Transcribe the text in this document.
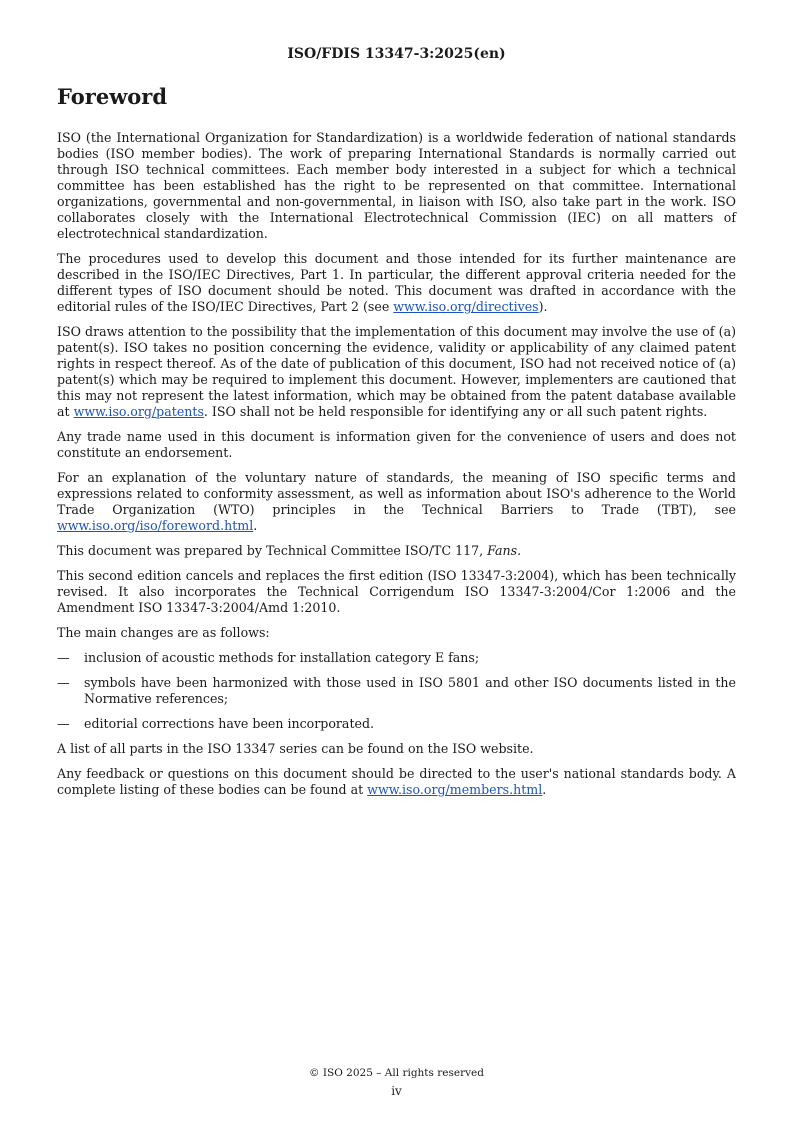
ISO/FDIS 13347-3:2025(en)
Foreword

ISO (the International Organization for Standardization) is a worldwide federation of national standards bodies (ISO member bodies). The work of preparing International Standards is normally carried out through ISO technical committees. Each member body interested in a subject for which a technical committee has been established has the right to be represented on that committee. International organizations, governmental and non-governmental, in liaison with ISO, also take part in the work. ISO collaborates closely with the International Electrotechnical Commission (IEC) on all matters of electrotechnical standardization.

The procedures used to develop this document and those intended for its further maintenance are described in the ISO/IEC Directives, Part 1. In particular, the different approval criteria needed for the different types of ISO document should be noted. This document was drafted in accordance with the editorial rules of the ISO/IEC Directives, Part 2 (see www.iso.org/directives).

ISO draws attention to the possibility that the implementation of this document may involve the use of (a) patent(s). ISO takes no position concerning the evidence, validity or applicability of any claimed patent rights in respect thereof. As of the date of publication of this document, ISO had not received notice of (a) patent(s) which may be required to implement this document. However, implementers are cautioned that this may not represent the latest information, which may be obtained from the patent database available at www.iso.org/patents. ISO shall not be held responsible for identifying any or all such patent rights.

Any trade name used in this document is information given for the convenience of users and does not constitute an endorsement.

For an explanation of the voluntary nature of standards, the meaning of ISO specific terms and expressions related to conformity assessment, as well as information about ISO's adherence to the World Trade Organization (WTO) principles in the Technical Barriers to Trade (TBT), see www.iso.org/iso/foreword.html.

This document was prepared by Technical Committee ISO/TC 117, Fans.

This second edition cancels and replaces the first edition (ISO 13347-3:2004), which has been technically revised. It also incorporates the Technical Corrigendum ISO 13347-3:2004/Cor 1:2006 and the Amendment ISO 13347-3:2004/Amd 1:2010.

The main changes are as follows:

— inclusion of acoustic methods for installation category E fans;
— symbols have been harmonized with those used in ISO 5801 and other ISO documents listed in the Normative references;
— editorial corrections have been incorporated.

A list of all parts in the ISO 13347 series can be found on the ISO website.

Any feedback or questions on this document should be directed to the user's national standards body. A complete listing of these bodies can be found at www.iso.org/members.html.

© ISO 2025 – All rights reserved
iv
